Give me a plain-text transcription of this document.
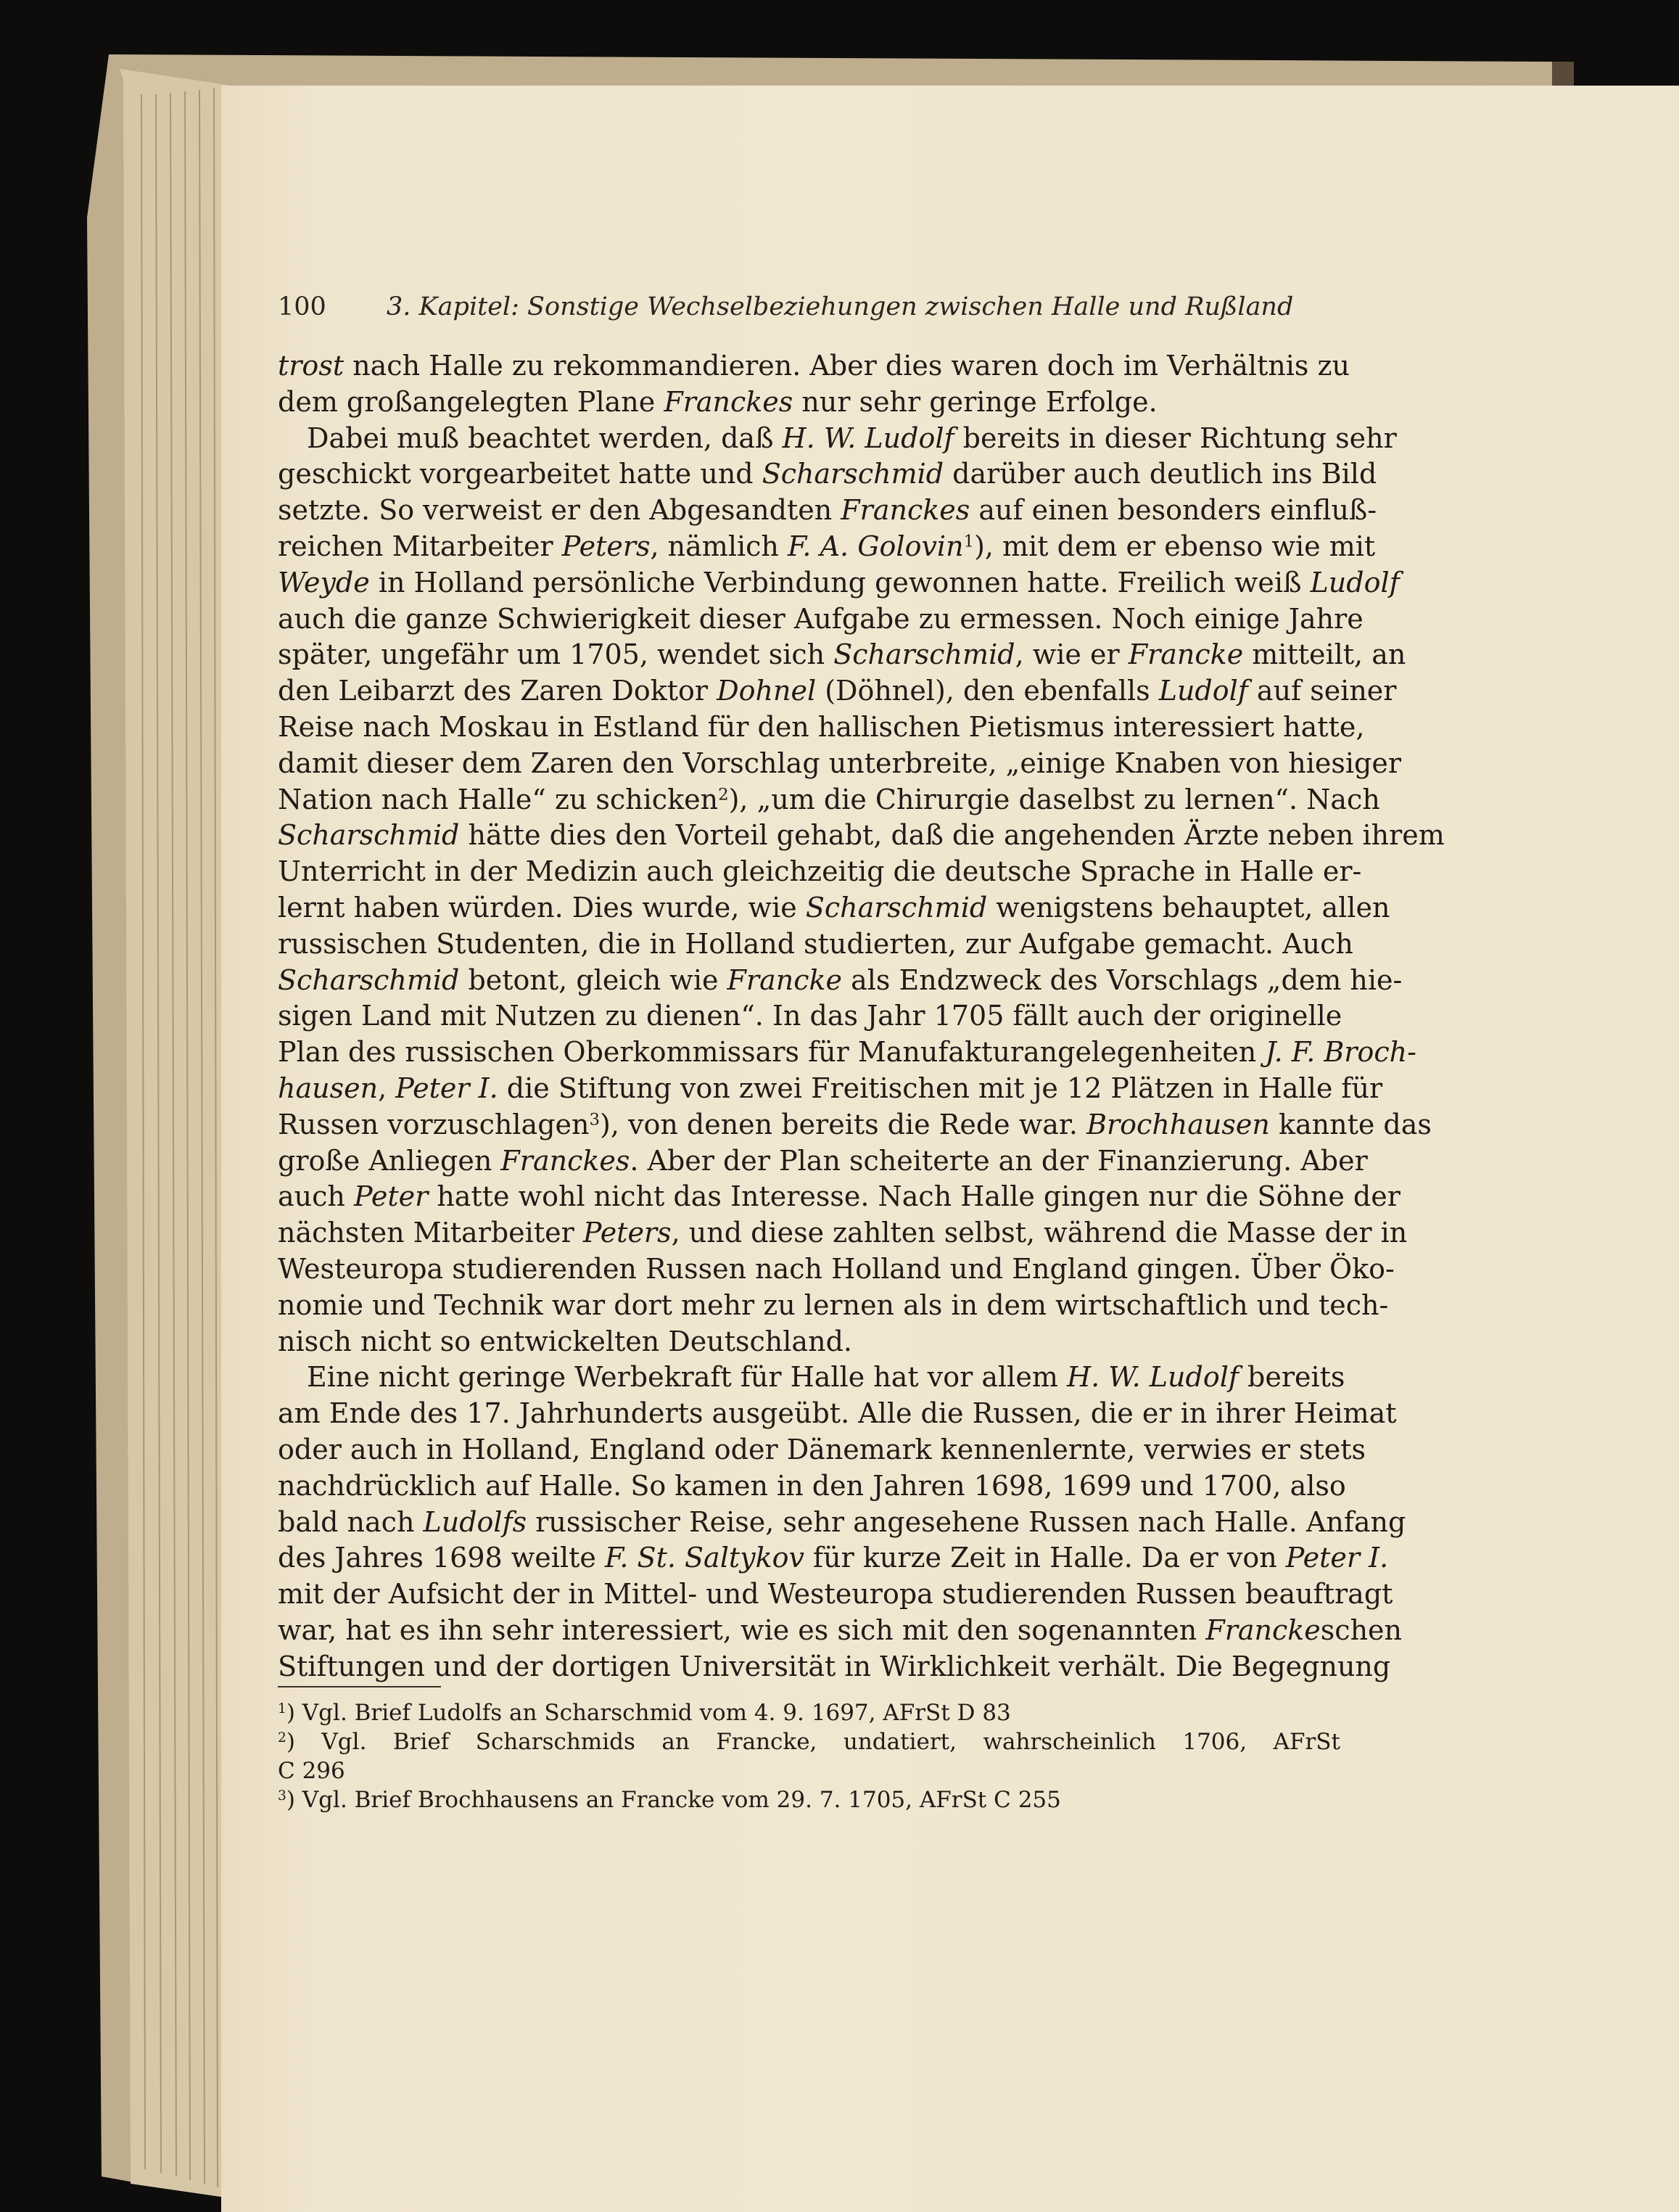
100 3. Kapitel: Sonstige Wechselbeziehungen zwischen Halle und Rußland
trost nach Halle zu rekommandieren. Aber dies waren doch im Verhältnis zu
dem großangelegten Plane Franckes nur sehr geringe Erfolge.
Dabei muß beachtet werden, daß H. W. Ludolf bereits in dieser Richtung sehr
geschickt vorgearbeitet hatte und Scharschmid darüber auch deutlich ins Bild
setzte. So verweist er den Abgesandten Franckes auf einen besonders einfluß-
reichen Mitarbeiter Peters, nämlich F. A. Golovin$^1$), mit dem er ebenso wie mit
Weyde in Holland persönliche Verbindung gewonnen hatte. Freilich weiß Ludolf
auch die ganze Schwierigkeit dieser Aufgabe zu ermessen. Noch einige Jahre
später, ungefähr um 1705, wendet sich Scharschmid, wie er Francke mitteilt, an
den Leibarzt des Zaren Doktor Dohnel (Döhnel), den ebenfalls Ludolf auf seiner
Reise nach Moskau in Estland für den hallischen Pietismus interessiert hatte,
damit dieser dem Zaren den Vorschlag unterbreite, „einige Knaben von hiesiger
Nation nach Halle“ zu schicken$^2$), „um die Chirurgie daselbst zu lernen“. Nach
Scharschmid hätte dies den Vorteil gehabt, daß die angehenden Ärzte neben ihrem
Unterricht in der Medizin auch gleichzeitig die deutsche Sprache in Halle er-
lernt haben würden. Dies wurde, wie Scharschmid wenigstens behauptet, allen
russischen Studenten, die in Holland studierten, zur Aufgabe gemacht. Auch
Scharschmid betont, gleich wie Francke als Endzweck des Vorschlags „dem hie-
sigen Land mit Nutzen zu dienen“. In das Jahr 1705 fällt auch der originelle
Plan des russischen Oberkommissars für Manufakturangelegenheiten J. F. Broch-
hausen, Peter I. die Stiftung von zwei Freitischen mit je 12 Plätzen in Halle für
Russen vorzuschlagen$^3$), von denen bereits die Rede war. Brochhausen kannte das
große Anliegen Franckes. Aber der Plan scheiterte an der Finanzierung. Aber
auch Peter hatte wohl nicht das Interesse. Nach Halle gingen nur die Söhne der
nächsten Mitarbeiter Peters, und diese zahlten selbst, während die Masse der in
Westeuropa studierenden Russen nach Holland und England gingen. Über Öko-
nomie und Technik war dort mehr zu lernen als in dem wirtschaftlich und tech-
nisch nicht so entwickelten Deutschland.
Eine nicht geringe Werbekraft für Halle hat vor allem H. W. Ludolf bereits
am Ende des 17. Jahrhunderts ausgeübt. Alle die Russen, die er in ihrer Heimat
oder auch in Holland, England oder Dänemark kennenlernte, verwies er stets
nachdrücklich auf Halle. So kamen in den Jahren 1698, 1699 und 1700, also
bald nach Ludolfs russischer Reise, sehr angesehene Russen nach Halle. Anfang
des Jahres 1698 weilte F. St. Saltykov für kurze Zeit in Halle. Da er von Peter I.
mit der Aufsicht der in Mittel- und Westeuropa studierenden Russen beauftragt
war, hat es ihn sehr interessiert, wie es sich mit den sogenannten Franckeschen
Stiftungen und der dortigen Universität in Wirklichkeit verhält. Die Begegnung
$^1$) Vgl. Brief Ludolfs an Scharschmid vom 4. 9. 1697, AFrSt D 83
$^2$) Vgl. Brief Scharschmids an Francke, undatiert, wahrscheinlich 1706, AFrSt
C 296
$^3$) Vgl. Brief Brochhausens an Francke vom 29. 7. 1705, AFrSt C 255
